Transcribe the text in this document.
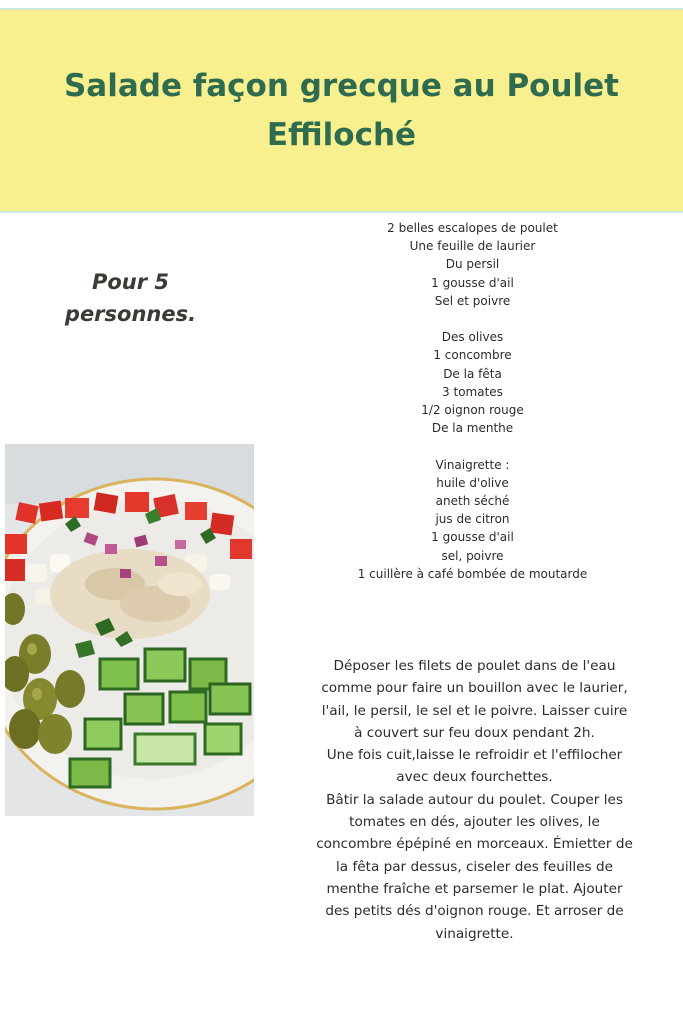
Salade façon grecque au Poulet
Effiloché

Pour 5
personnes.

2 belles escalopes de poulet
Une feuille de laurier
Du persil
1 gousse d'ail
Sel et poivre
Des olives
1 concombre
De la fêta
3 tomates
1/2 oignon rouge
De la menthe
Vinaigrette :
huile d'olive
aneth séché
jus de citron
1 gousse d'ail
sel, poivre
1 cuillère à café bombée de moutarde
Déposer les filets de poulet dans de l'eau
comme pour faire un bouillon avec le laurier,
l'ail, le persil, le sel et le poivre. Laisser cuire
à couvert sur feu doux pendant 2h.
Une fois cuit,laisse le refroidir et l'effilocher
avec deux fourchettes.
Bâtir la salade autour du poulet. Couper les
tomates en dés, ajouter les olives, le
concombre épépiné en morceaux. Émietter de
la fêta par dessus, ciseler des feuilles de
menthe fraîche et parsemer le plat. Ajouter
des petits dés d'oignon rouge. Et arroser de
vinaigrette.
